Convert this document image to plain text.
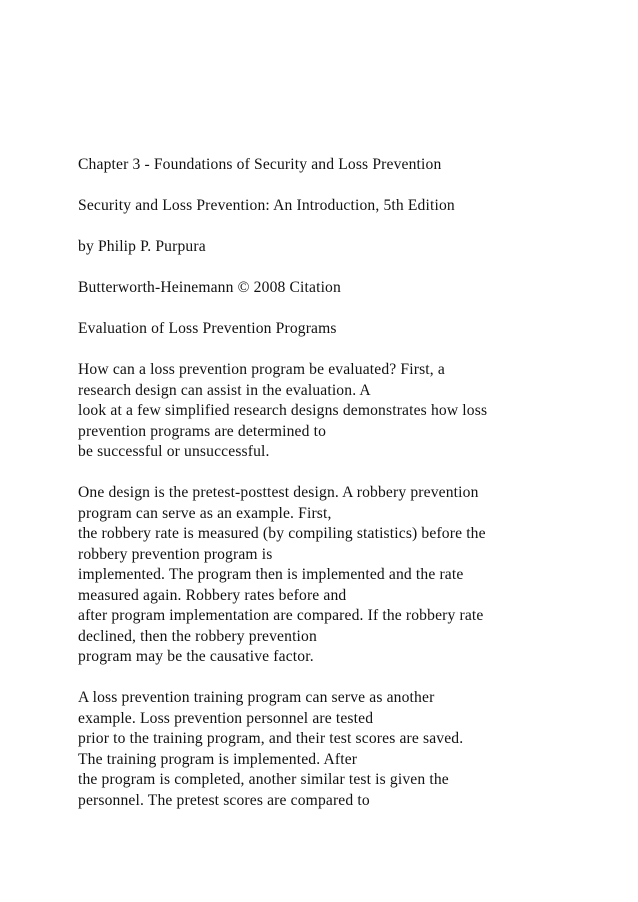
Chapter 3 - Foundations of Security and Loss Prevention

Security and Loss Prevention: An Introduction, 5th Edition

by Philip P. Purpura

Butterworth-Heinemann © 2008 Citation

Evaluation of Loss Prevention Programs

How can a loss prevention program be evaluated? First, a
research design can assist in the evaluation. A
look at a few simplified research designs demonstrates how loss
prevention programs are determined to
be successful or unsuccessful.

One design is the pretest-posttest design. A robbery prevention
program can serve as an example. First,
the robbery rate is measured (by compiling statistics) before the
robbery prevention program is
implemented. The program then is implemented and the rate
measured again. Robbery rates before and
after program implementation are compared. If the robbery rate
declined, then the robbery prevention
program may be the causative factor.

A loss prevention training program can serve as another
example. Loss prevention personnel are tested
prior to the training program, and their test scores are saved.
The training program is implemented. After
the program is completed, another similar test is given the
personnel. The pretest scores are compared to
